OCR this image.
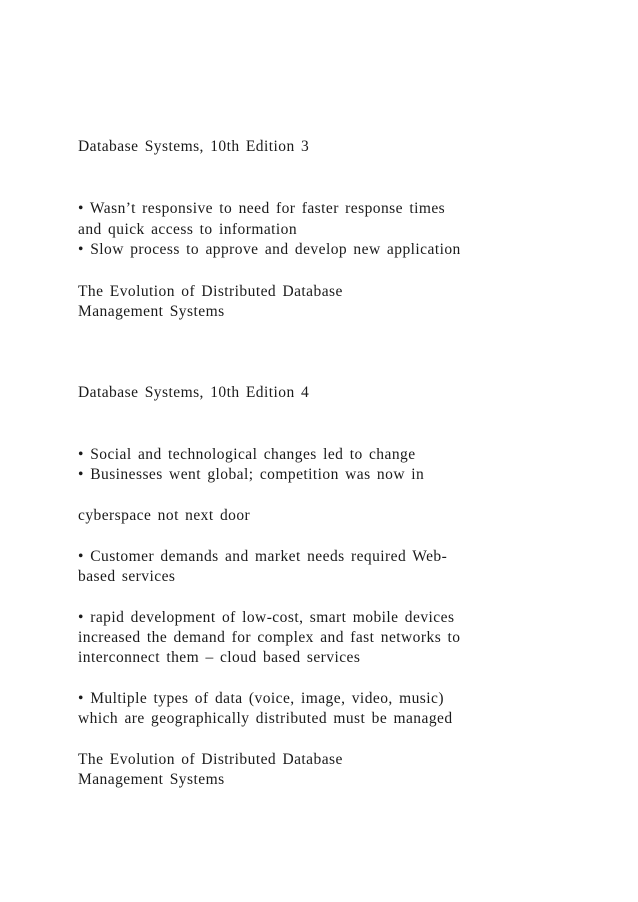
Database Systems, 10th Edition 3
• Wasn’t responsive to need for faster response times
and quick access to information
• Slow process to approve and develop new application
The Evolution of Distributed Database
Management Systems
Database Systems, 10th Edition 4
• Social and technological changes led to change
• Businesses went global; competition was now in
cyberspace not next door
• Customer demands and market needs required Web-
based services
• rapid development of low-cost, smart mobile devices
increased the demand for complex and fast networks to
interconnect them – cloud based services
• Multiple types of data (voice, image, video, music)
which are geographically distributed must be managed
The Evolution of Distributed Database
Management Systems
